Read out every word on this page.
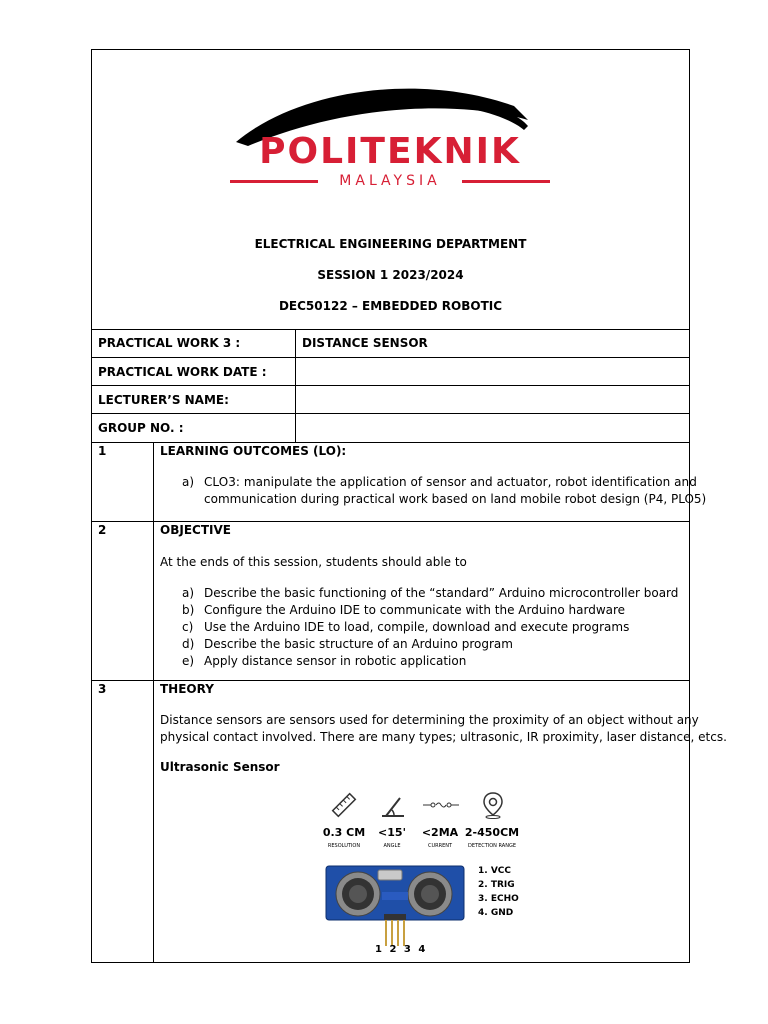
POLITEKNIK
MALAYSIA
ELECTRICAL ENGINEERING DEPARTMENT
SESSION 1 2023/2024
DEC50122 – EMBEDDED ROBOTIC
PRACTICAL WORK 3 :	DISTANCE SENSOR
PRACTICAL WORK DATE :
LECTURER’S NAME:
GROUP NO. :
1	LEARNING OUTCOMES (LO):
a) CLO3: manipulate the application of sensor and actuator, robot identification and
communication during practical work based on land mobile robot design (P4, PLO5)
2	OBJECTIVE
At the ends of this session, students should able to
a) Describe the basic functioning of the “standard” Arduino microcontroller board
b) Configure the Arduino IDE to communicate with the Arduino hardware
c) Use the Arduino IDE to load, compile, download and execute programs
d) Describe the basic structure of an Arduino program
e) Apply distance sensor in robotic application
3	THEORY
Distance sensors are sensors used for determining the proximity of an object without any
physical contact involved. There are many types; ultrasonic, IR proximity, laser distance, etcs.
Ultrasonic Sensor
0.3 CM	<15'	<2MA 2-450CM
RESOLUTION	ANGLE	CURRENT	DETECTION RANGE
1 2 3 4
1. VCC
2. TRIG
3. ECHO
4. GND
